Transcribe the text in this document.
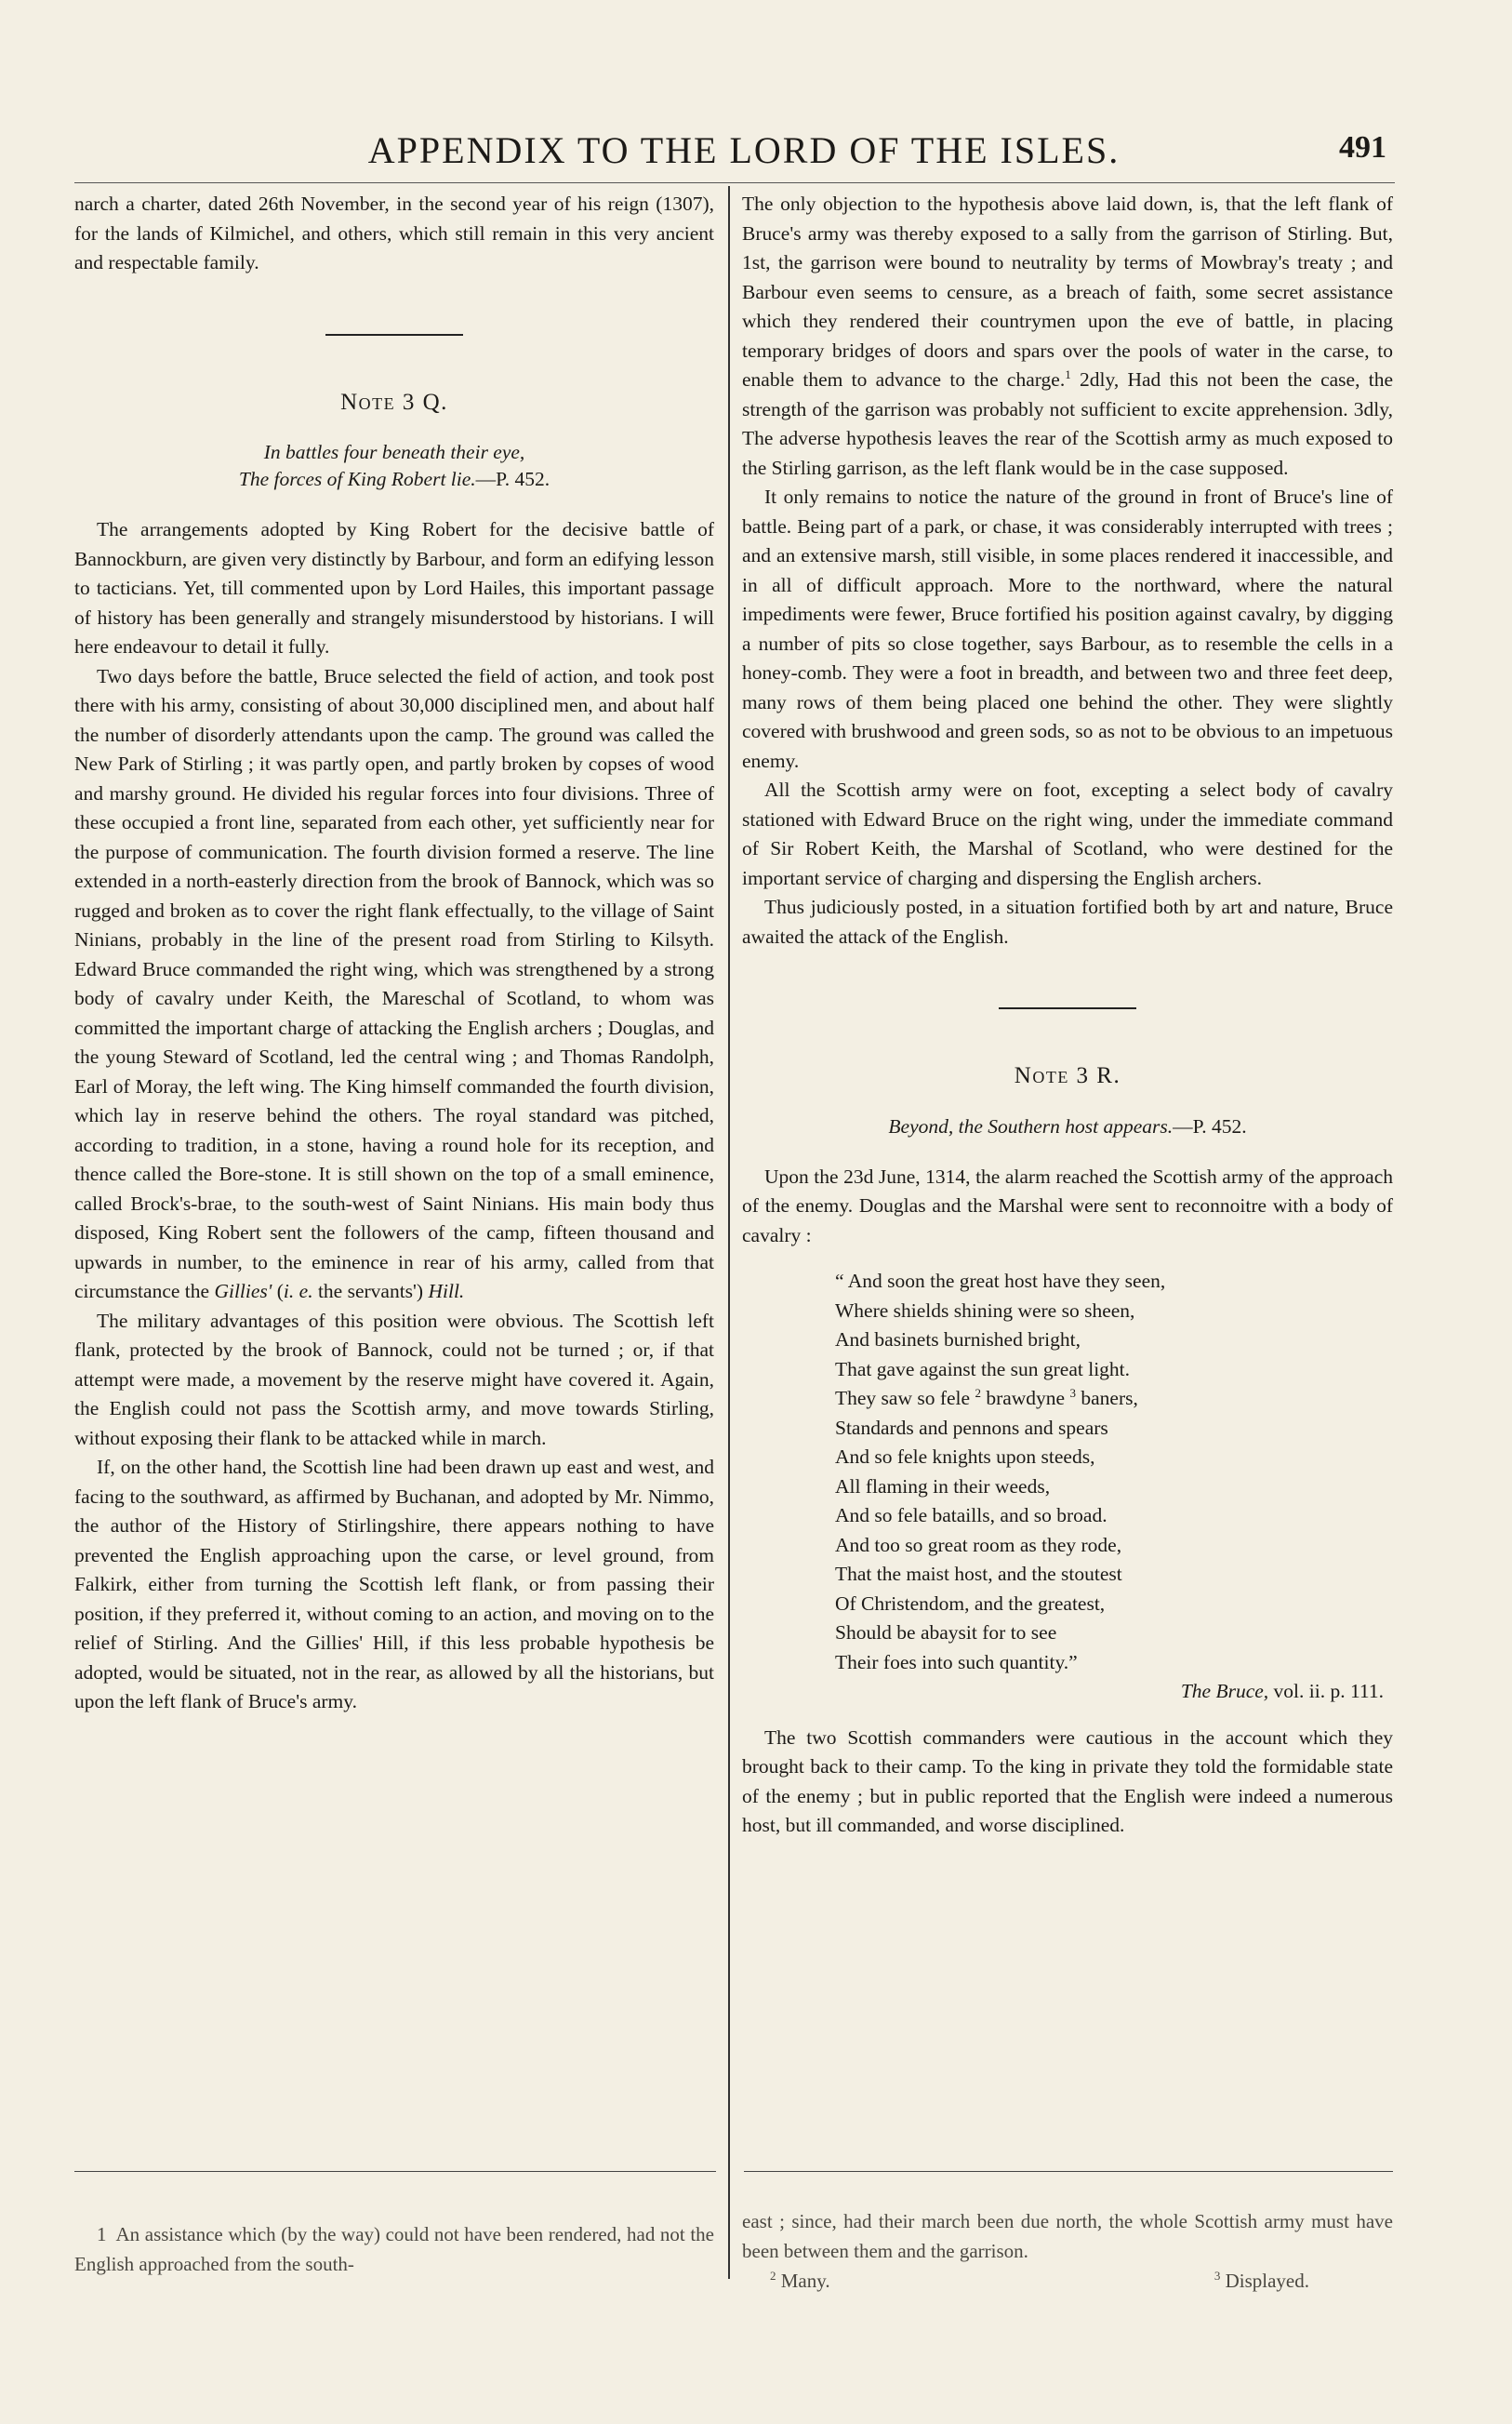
APPENDIX TO THE LORD OF THE ISLES.	491

narch a charter, dated 26th November, in the second year of his reign (1307), for the lands of Kilmichel, and others, which still remain in this very ancient and respectable family.

Note 3 Q.
In battles four beneath their eye,
The forces of King Robert lie.—P. 452.

The arrangements adopted by King Robert for the decisive battle of Bannockburn, are given very distinctly by Barbour, and form an edifying lesson to tacticians. Yet, till commented upon by Lord Hailes, this important passage of history has been generally and strangely misunderstood by historians. I will here endeavour to detail it fully.

Two days before the battle, Bruce selected the field of action, and took post there with his army, consisting of about 30,000 disciplined men, and about half the number of disorderly attendants upon the camp. The ground was called the New Park of Stirling ; it was partly open, and partly broken by copses of wood and marshy ground. He divided his regular forces into four divisions. Three of these occupied a front line, separated from each other, yet sufficiently near for the purpose of communication. The fourth division formed a reserve. The line extended in a north-easterly direction from the brook of Bannock, which was so rugged and broken as to cover the right flank effectually, to the village of Saint Ninians, probably in the line of the present road from Stirling to Kilsyth. Edward Bruce commanded the right wing, which was strengthened by a strong body of cavalry under Keith, the Mareschal of Scotland, to whom was committed the important charge of attacking the English archers ; Douglas, and the young Steward of Scotland, led the central wing ; and Thomas Randolph, Earl of Moray, the left wing. The King himself commanded the fourth division, which lay in reserve behind the others. The royal standard was pitched, according to tradition, in a stone, having a round hole for its reception, and thence called the Bore-stone. It is still shown on the top of a small eminence, called Brock's-brae, to the south-west of Saint Ninians. His main body thus disposed, King Robert sent the followers of the camp, fifteen thousand and upwards in number, to the eminence in rear of his army, called from that circumstance the Gillies' (i. e. the servants') Hill.

The military advantages of this position were obvious. The Scottish left flank, protected by the brook of Bannock, could not be turned ; or, if that attempt were made, a movement by the reserve might have covered it. Again, the English could not pass the Scottish army, and move towards Stirling, without exposing their flank to be attacked while in march.

If, on the other hand, the Scottish line had been drawn up east and west, and facing to the southward, as affirmed by Buchanan, and adopted by Mr. Nimmo, the author of the History of Stirlingshire, there appears nothing to have prevented the English approaching upon the carse, or level ground, from Falkirk, either from turning the Scottish left flank, or from passing their position, if they preferred it, without coming to an action, and moving on to the relief of Stirling. And the Gillies' Hill, if this less probable hypothesis be adopted, would be situated, not in the rear, as allowed by all the historians, but upon the left flank of Bruce's army.

The only objection to the hypothesis above laid down, is, that the left flank of Bruce's army was thereby exposed to a sally from the garrison of Stirling. But, 1st, the garrison were bound to neutrality by terms of Mowbray's treaty ; and Barbour even seems to censure, as a breach of faith, some secret assistance which they rendered their countrymen upon the eve of battle, in placing temporary bridges of doors and spars over the pools of water in the carse, to enable them to advance to the charge.$^1$ 2dly, Had this not been the case, the strength of the garrison was probably not sufficient to excite apprehension. 3dly, The adverse hypothesis leaves the rear of the Scottish army as much exposed to the Stirling garrison, as the left flank would be in the case supposed.

It only remains to notice the nature of the ground in front of Bruce's line of battle. Being part of a park, or chase, it was considerably interrupted with trees ; and an extensive marsh, still visible, in some places rendered it inaccessible, and in all of difficult approach. More to the northward, where the natural impediments were fewer, Bruce fortified his position against cavalry, by digging a number of pits so close together, says Barbour, as to resemble the cells in a honey-comb. They were a foot in breadth, and between two and three feet deep, many rows of them being placed one behind the other. They were slightly covered with brushwood and green sods, so as not to be obvious to an impetuous enemy.

All the Scottish army were on foot, excepting a select body of cavalry stationed with Edward Bruce on the right wing, under the immediate command of Sir Robert Keith, the Marshal of Scotland, who were destined for the important service of charging and dispersing the English archers.

Thus judiciously posted, in a situation fortified both by art and nature, Bruce awaited the attack of the English.

Note 3 R.
Beyond, the Southern host appears.—P. 452.

Upon the 23d June, 1314, the alarm reached the Scottish army of the approach of the enemy. Douglas and the Marshal were sent to reconnoitre with a body of cavalry :

“ And soon the great host have they seen,
Where shields shining were so sheen,
And basinets burnished bright,
That gave against the sun great light.
They saw so fele $^2$ brawdyne $^3$ baners,
Standards and pennons and spears
And so fele knights upon steeds,
All flaming in their weeds,
And so fele bataills, and so broad.
And too so great room as they rode,
That the maist host, and the stoutest
Of Christendom, and the greatest,
Should be abaysit for to see
Their foes into such quantity.”
The Bruce, vol. ii. p. 111.

The two Scottish commanders were cautious in the account which they brought back to their camp. To the king in private they told the formidable state of the enemy ; but in public reported that the English were indeed a numerous host, but ill commanded, and worse disciplined.

1 An assistance which (by the way) could not have been rendered, had not the English approached from the south-
east ; since, had their march been due north, the whole Scottish army must have been between them and the garrison.
$^2$ Many.	$^3$ Displayed.
